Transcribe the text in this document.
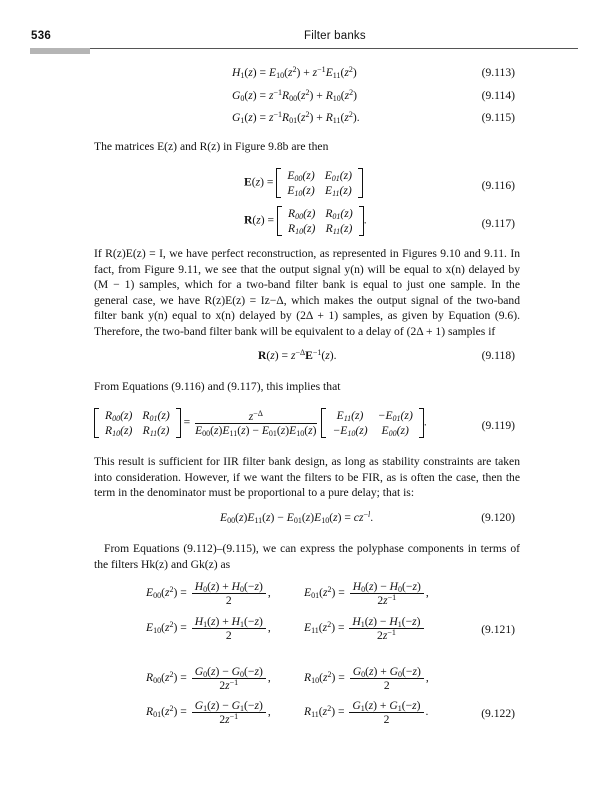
536	Filter banks
$H_1(z) = E_{10}(z^2) + z^{-1}E_{11}(z^2)$	(9.113)
$G_0(z) = z^{-1}R_{00}(z^2) + R_{10}(z^2)$	(9.114)
$G_1(z) = z^{-1}R_{01}(z^2) + R_{11}(z^2)$.	(9.115)
The matrices E(z) and R(z) in Figure 9.8b are then
E(z) =
$E_{00}(z)$	$E_{01}(z)$
$E_{10}(z)$	$E_{11}(z)$	(9.116)
R(z) =
$R_{00}(z)$	$R_{01}(z)$
$R_{10}(z)$	$R_{11}(z)$
.	(9.117)
If R(z)E(z) = I, we have perfect reconstruction, as represented in Figures 9.10 and 9.11. In fact, from Figure 9.11, we see that the output signal y(n) will be equal to x(n) delayed by (M − 1) samples, which for a two-band filter bank is equal to just one sample. In the general case, we have R(z)E(z) = Iz−Δ, which makes the output signal of the two-band filter bank y(n) equal to x(n) delayed by (2Δ + 1) samples, as given by Equation (9.6). Therefore, the two-band filter bank will be equivalent to a delay of (2Δ + 1) samples if
$R(z) = z^{-\Delta}E^{-1}(z)$.	(9.118)
From Equations (9.116) and (9.117), this implies that
$R_{00}(z)$	$R_{01}(z)$
$R_{10}(z)$	$R_{11}(z)$
= $\frac{z^{-\Delta}}{E_{00}(z)E_{11}(z) - E_{01}(z)E_{10}(z)}$
$E_{11}(z)$	$-E_{01}(z)$
$-E_{10}(z)$	$E_{00}(z)$
.	(9.119)
This result is sufficient for IIR filter bank design, as long as stability constraints are taken into consideration. However, if we want the filters to be FIR, as is often the case, then the term in the denominator must be proportional to a pure delay; that is:
$E_{00}(z)E_{11}(z) - E_{01}(z)E_{10}(z) = cz^{-l}$.	(9.120)
From Equations (9.112)–(9.115), we can express the polyphase components in terms of the filters Hk(z) and Gk(z) as
$E_{00}(z^2) = \frac{H_0(z) + H_0(-z)}{2}$ ,	$E_{01}(z^2) = \frac{H_0(z) - H_0(-z)}{2z^{-1}}$ ,
$E_{10}(z^2) = \frac{H_1(z) + H_1(-z)}{2}$ ,	$E_{11}(z^2) = \frac{H_1(z) - H_1(-z)}{2z^{-1}}$	(9.121)
$R_{00}(z^2) = \frac{G_0(z) - G_0(-z)}{2z^{-1}}$ ,	$R_{10}(z^2) = \frac{G_0(z) + G_0(-z)}{2}$ ,
$R_{01}(z^2) = \frac{G_1(z) - G_1(-z)}{2z^{-1}}$ ,	$R_{11}(z^2) = \frac{G_1(z) + G_1(-z)}{2}$ .	(9.122)
